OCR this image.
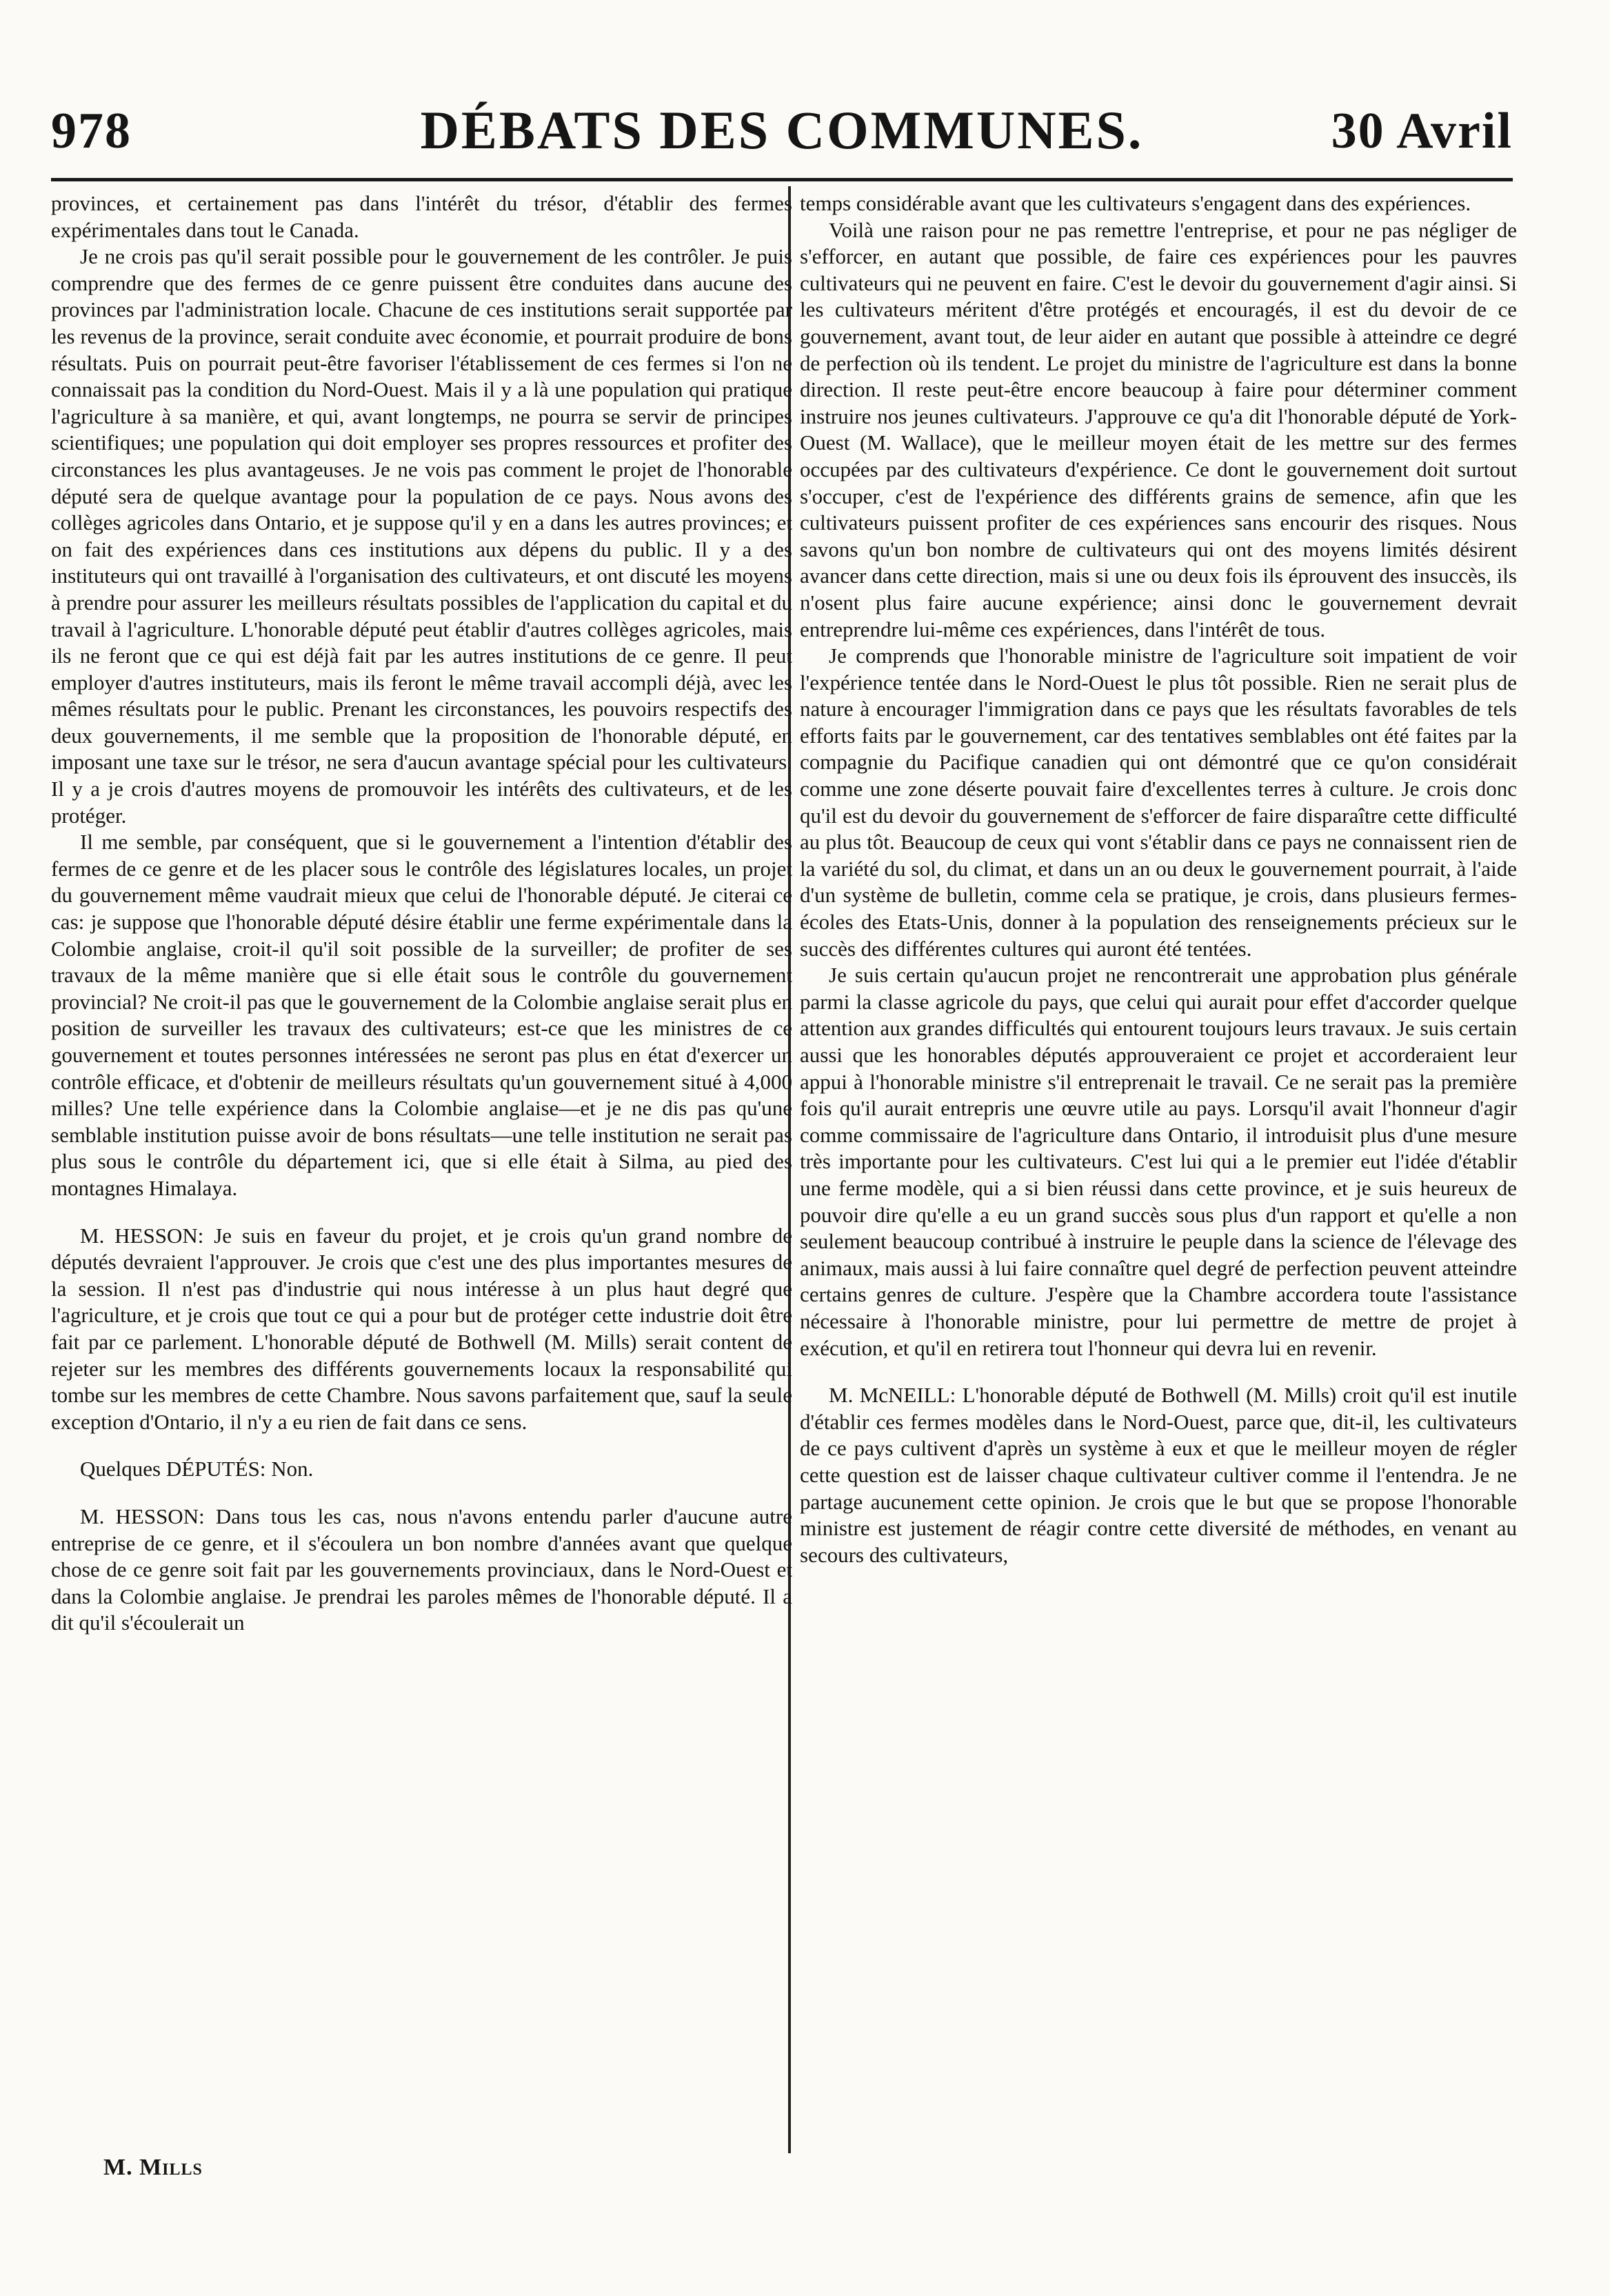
978	DÉBATS DES COMMUNES.	30 Avril

provinces, et certainement pas dans l'intérêt du trésor, d'établir des fermes expérimentales dans tout le Canada.

Je ne crois pas qu'il serait possible pour le gouvernement de les contrôler. Je puis comprendre que des fermes de ce genre puissent être conduites dans aucune des provinces par l'administration locale. Chacune de ces institutions serait supportée par les revenus de la province, serait conduite avec économie, et pourrait produire de bons résultats. Puis on pourrait peut-être favoriser l'établissement de ces fermes si l'on ne connaissait pas la condition du Nord-Ouest. Mais il y a là une population qui pratique l'agriculture à sa manière, et qui, avant longtemps, ne pourra se servir de principes scientifiques; une population qui doit employer ses propres ressources et profiter des circonstances les plus avantageuses. Je ne vois pas comment le projet de l'honorable député sera de quelque avantage pour la population de ce pays. Nous avons des collèges agricoles dans Ontario, et je suppose qu'il y en a dans les autres provinces; et on fait des expériences dans ces institutions aux dépens du public. Il y a des instituteurs qui ont travaillé à l'organisation des cultivateurs, et ont discuté les moyens à prendre pour assurer les meilleurs résultats possibles de l'application du capital et du travail à l'agriculture. L'honorable député peut établir d'autres collèges agricoles, mais ils ne feront que ce qui est déjà fait par les autres institutions de ce genre. Il peut employer d'autres instituteurs, mais ils feront le même travail accompli déjà, avec les mêmes résultats pour le public. Prenant les circonstances, les pouvoirs respectifs des deux gouvernements, il me semble que la proposition de l'honorable député, en imposant une taxe sur le trésor, ne sera d'aucun avantage spécial pour les cultivateurs. Il y a je crois d'autres moyens de promouvoir les intérêts des cultivateurs, et de les protéger.

Il me semble, par conséquent, que si le gouvernement a l'intention d'établir des fermes de ce genre et de les placer sous le contrôle des législatures locales, un projet du gouvernement même vaudrait mieux que celui de l'honorable député. Je citerai ce cas: je suppose que l'honorable député désire établir une ferme expérimentale dans la Colombie anglaise, croit-il qu'il soit possible de la surveiller; de profiter de ses travaux de la même manière que si elle était sous le contrôle du gouvernement provincial? Ne croit-il pas que le gouvernement de la Colombie anglaise serait plus en position de surveiller les travaux des cultivateurs; est-ce que les ministres de ce gouvernement et toutes personnes intéressées ne seront pas plus en état d'exercer un contrôle efficace, et d'obtenir de meilleurs résultats qu'un gouvernement situé à 4,000 milles? Une telle expérience dans la Colombie anglaise—et je ne dis pas qu'une semblable institution puisse avoir de bons résultats—une telle institution ne serait pas plus sous le contrôle du département ici, que si elle était à Silma, au pied des montagnes Himalaya.

M. HESSON: Je suis en faveur du projet, et je crois qu'un grand nombre de députés devraient l'approuver. Je crois que c'est une des plus importantes mesures de la session. Il n'est pas d'industrie qui nous intéresse à un plus haut degré que l'agriculture, et je crois que tout ce qui a pour but de protéger cette industrie doit être fait par ce parlement. L'honorable député de Bothwell (M. Mills) serait content de rejeter sur les membres des différents gouvernements locaux la responsabilité qui tombe sur les membres de cette Chambre. Nous savons parfaitement que, sauf la seule exception d'Ontario, il n'y a eu rien de fait dans ce sens.

Quelques DÉPUTÉS: Non.

M. HESSON: Dans tous les cas, nous n'avons entendu parler d'aucune autre entreprise de ce genre, et il s'écoulera un bon nombre d'années avant que quelque chose de ce genre soit fait par les gouvernements provinciaux, dans le Nord-Ouest et dans la Colombie anglaise. Je prendrai les paroles mêmes de l'honorable député. Il a dit qu'il s'écoulerait un

temps considérable avant que les cultivateurs s'engagent dans des expériences.

Voilà une raison pour ne pas remettre l'entreprise, et pour ne pas négliger de s'efforcer, en autant que possible, de faire ces expériences pour les pauvres cultivateurs qui ne peuvent en faire. C'est le devoir du gouvernement d'agir ainsi. Si les cultivateurs méritent d'être protégés et encouragés, il est du devoir de ce gouvernement, avant tout, de leur aider en autant que possible à atteindre ce degré de perfection où ils tendent. Le projet du ministre de l'agriculture est dans la bonne direction. Il reste peut-être encore beaucoup à faire pour déterminer comment instruire nos jeunes cultivateurs. J'approuve ce qu'a dit l'honorable député de York-Ouest (M. Wallace), que le meilleur moyen était de les mettre sur des fermes occupées par des cultivateurs d'expérience. Ce dont le gouvernement doit surtout s'occuper, c'est de l'expérience des différents grains de semence, afin que les cultivateurs puissent profiter de ces expériences sans encourir des risques. Nous savons qu'un bon nombre de cultivateurs qui ont des moyens limités désirent avancer dans cette direction, mais si une ou deux fois ils éprouvent des insuccès, ils n'osent plus faire aucune expérience; ainsi donc le gouvernement devrait entreprendre lui-même ces expériences, dans l'intérêt de tous.

Je comprends que l'honorable ministre de l'agriculture soit impatient de voir l'expérience tentée dans le Nord-Ouest le plus tôt possible. Rien ne serait plus de nature à encourager l'immigration dans ce pays que les résultats favorables de tels efforts faits par le gouvernement, car des tentatives semblables ont été faites par la compagnie du Pacifique canadien qui ont démontré que ce qu'on considérait comme une zone déserte pouvait faire d'excellentes terres à culture. Je crois donc qu'il est du devoir du gouvernement de s'efforcer de faire disparaître cette difficulté au plus tôt. Beaucoup de ceux qui vont s'établir dans ce pays ne connaissent rien de la variété du sol, du climat, et dans un an ou deux le gouvernement pourrait, à l'aide d'un système de bulletin, comme cela se pratique, je crois, dans plusieurs fermes-écoles des Etats-Unis, donner à la population des renseignements précieux sur le succès des différentes cultures qui auront été tentées.

Je suis certain qu'aucun projet ne rencontrerait une approbation plus générale parmi la classe agricole du pays, que celui qui aurait pour effet d'accorder quelque attention aux grandes difficultés qui entourent toujours leurs travaux. Je suis certain aussi que les honorables députés approuveraient ce projet et accorderaient leur appui à l'honorable ministre s'il entreprenait le travail. Ce ne serait pas la première fois qu'il aurait entrepris une œuvre utile au pays. Lorsqu'il avait l'honneur d'agir comme commissaire de l'agriculture dans Ontario, il introduisit plus d'une mesure très importante pour les cultivateurs. C'est lui qui a le premier eut l'idée d'établir une ferme modèle, qui a si bien réussi dans cette province, et je suis heureux de pouvoir dire qu'elle a eu un grand succès sous plus d'un rapport et qu'elle a non seulement beaucoup contribué à instruire le peuple dans la science de l'élevage des animaux, mais aussi à lui faire connaître quel degré de perfection peuvent atteindre certains genres de culture. J'espère que la Chambre accordera toute l'assistance nécessaire à l'honorable ministre, pour lui permettre de mettre de projet à exécution, et qu'il en retirera tout l'honneur qui devra lui en revenir.

M. McNEILL: L'honorable député de Bothwell (M. Mills) croit qu'il est inutile d'établir ces fermes modèles dans le Nord-Ouest, parce que, dit-il, les cultivateurs de ce pays cultivent d'après un système à eux et que le meilleur moyen de régler cette question est de laisser chaque cultivateur cultiver comme il l'entendra. Je ne partage aucunement cette opinion. Je crois que le but que se propose l'honorable ministre est justement de réagir contre cette diversité de méthodes, en venant au secours des cultivateurs,

M. Mills
